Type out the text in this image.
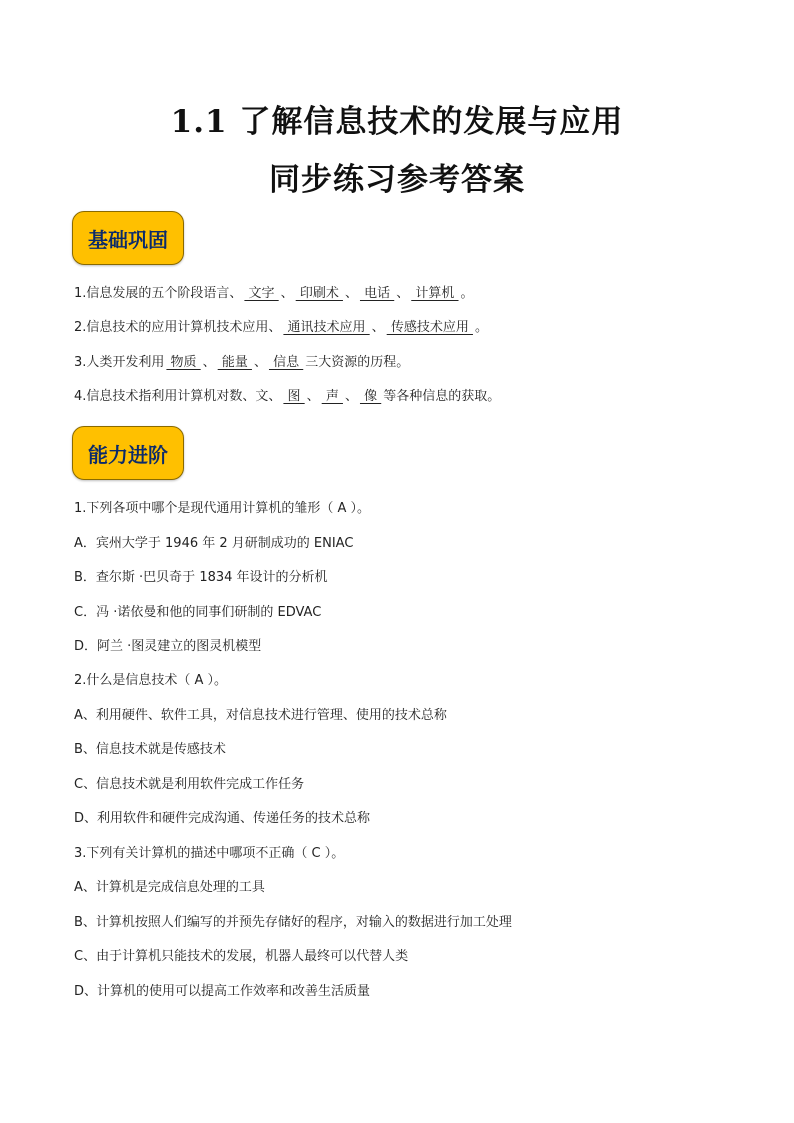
1.1 了解信息技术的发展与应用
同步练习参考答案
基础巩固
1.信息发展的五个阶段语言、 文字 、 印刷术 、 电话 、 计算机 。
2.信息技术的应用计算机技术应用、 通讯技术应用 、 传感技术应用 。
3.人类开发利用 物质 、 能量 、 信息 三大资源的历程。
4.信息技术指利用计算机对数、文、 图 、 声 、 像 等各种信息的获取。
能力进阶
1.下列各项中哪个是现代通用计算机的雏形（ A ）。
A．宾州大学于 1946 年 2 月研制成功的 ENIAC
B．查尔斯 ·巴贝奇于 1834 年设计的分析机
C．冯 ·诺依曼和他的同事们研制的 EDVAC
D．阿兰 ·图灵建立的图灵机模型
2.什么是信息技术（ A ）。
A、利用硬件、软件工具，对信息技术进行管理、使用的技术总称
B、信息技术就是传感技术
C、信息技术就是利用软件完成工作任务
D、利用软件和硬件完成沟通、传递任务的技术总称
3.下列有关计算机的描述中哪项不正确（ C ）。
A、计算机是完成信息处理的工具
B、计算机按照人们编写的并预先存储好的程序，对输入的数据进行加工处理
C、由于计算机只能技术的发展，机器人最终可以代替人类
D、计算机的使用可以提高工作效率和改善生活质量
